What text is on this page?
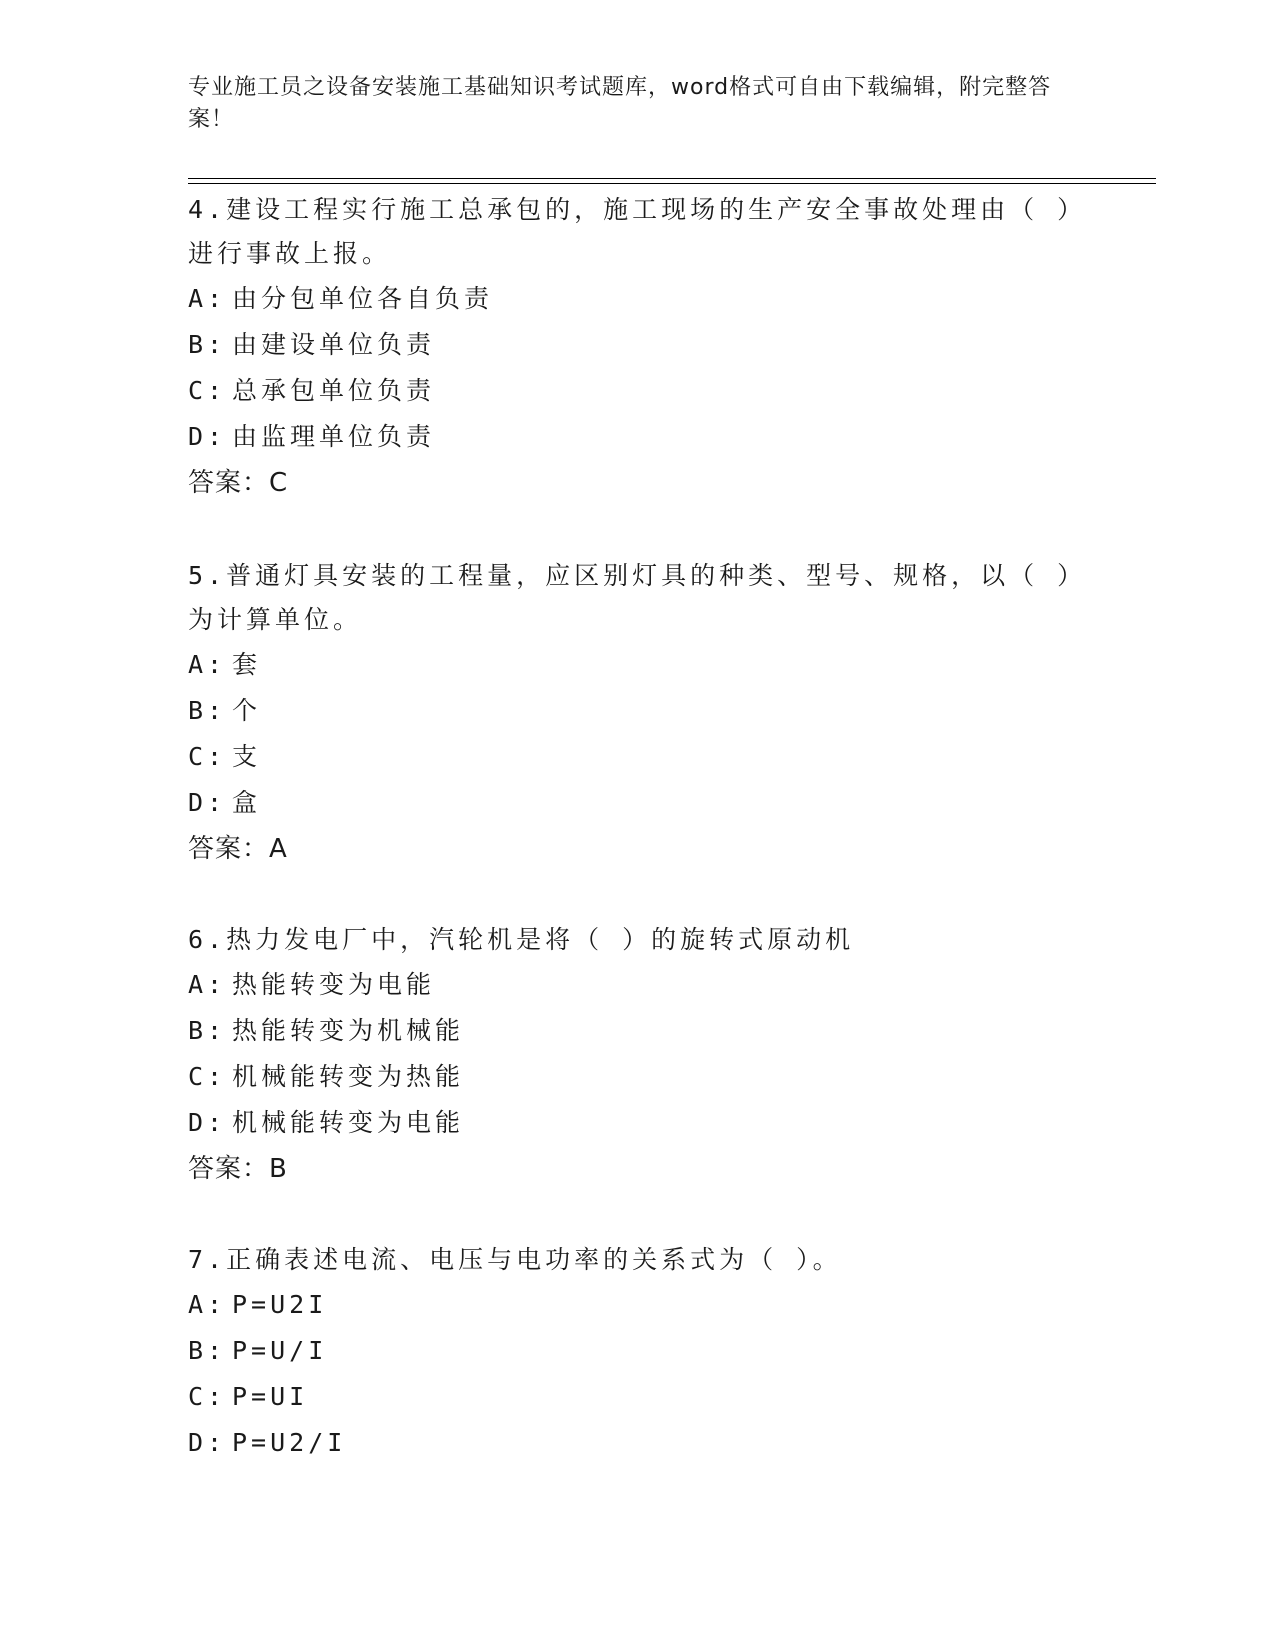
专业施工员之设备安装施工基础知识考试题库，word格式可自由下载编辑，附完整答案！

4.建设工程实行施工总承包的，施工现场的生产安全事故处理由（ ）进行事故上报。

A: 由分包单位各自负责

B: 由建设单位负责

C: 总承包单位负责

D: 由监理单位负责

答案：C

5.普通灯具安装的工程量，应区别灯具的种类、型号、规格，以（ ）为计算单位。

A: 套

B: 个

C: 支

D: 盒

答案：A

6.热力发电厂中，汽轮机是将（ ）的旋转式原动机

A: 热能转变为电能

B: 热能转变为机械能

C: 机械能转变为热能

D: 机械能转变为电能

答案：B

7.正确表述电流、电压与电功率的关系式为（ ）。

A: P=U2I

B: P=U/I

C: P=UI

D: P=U2/I
